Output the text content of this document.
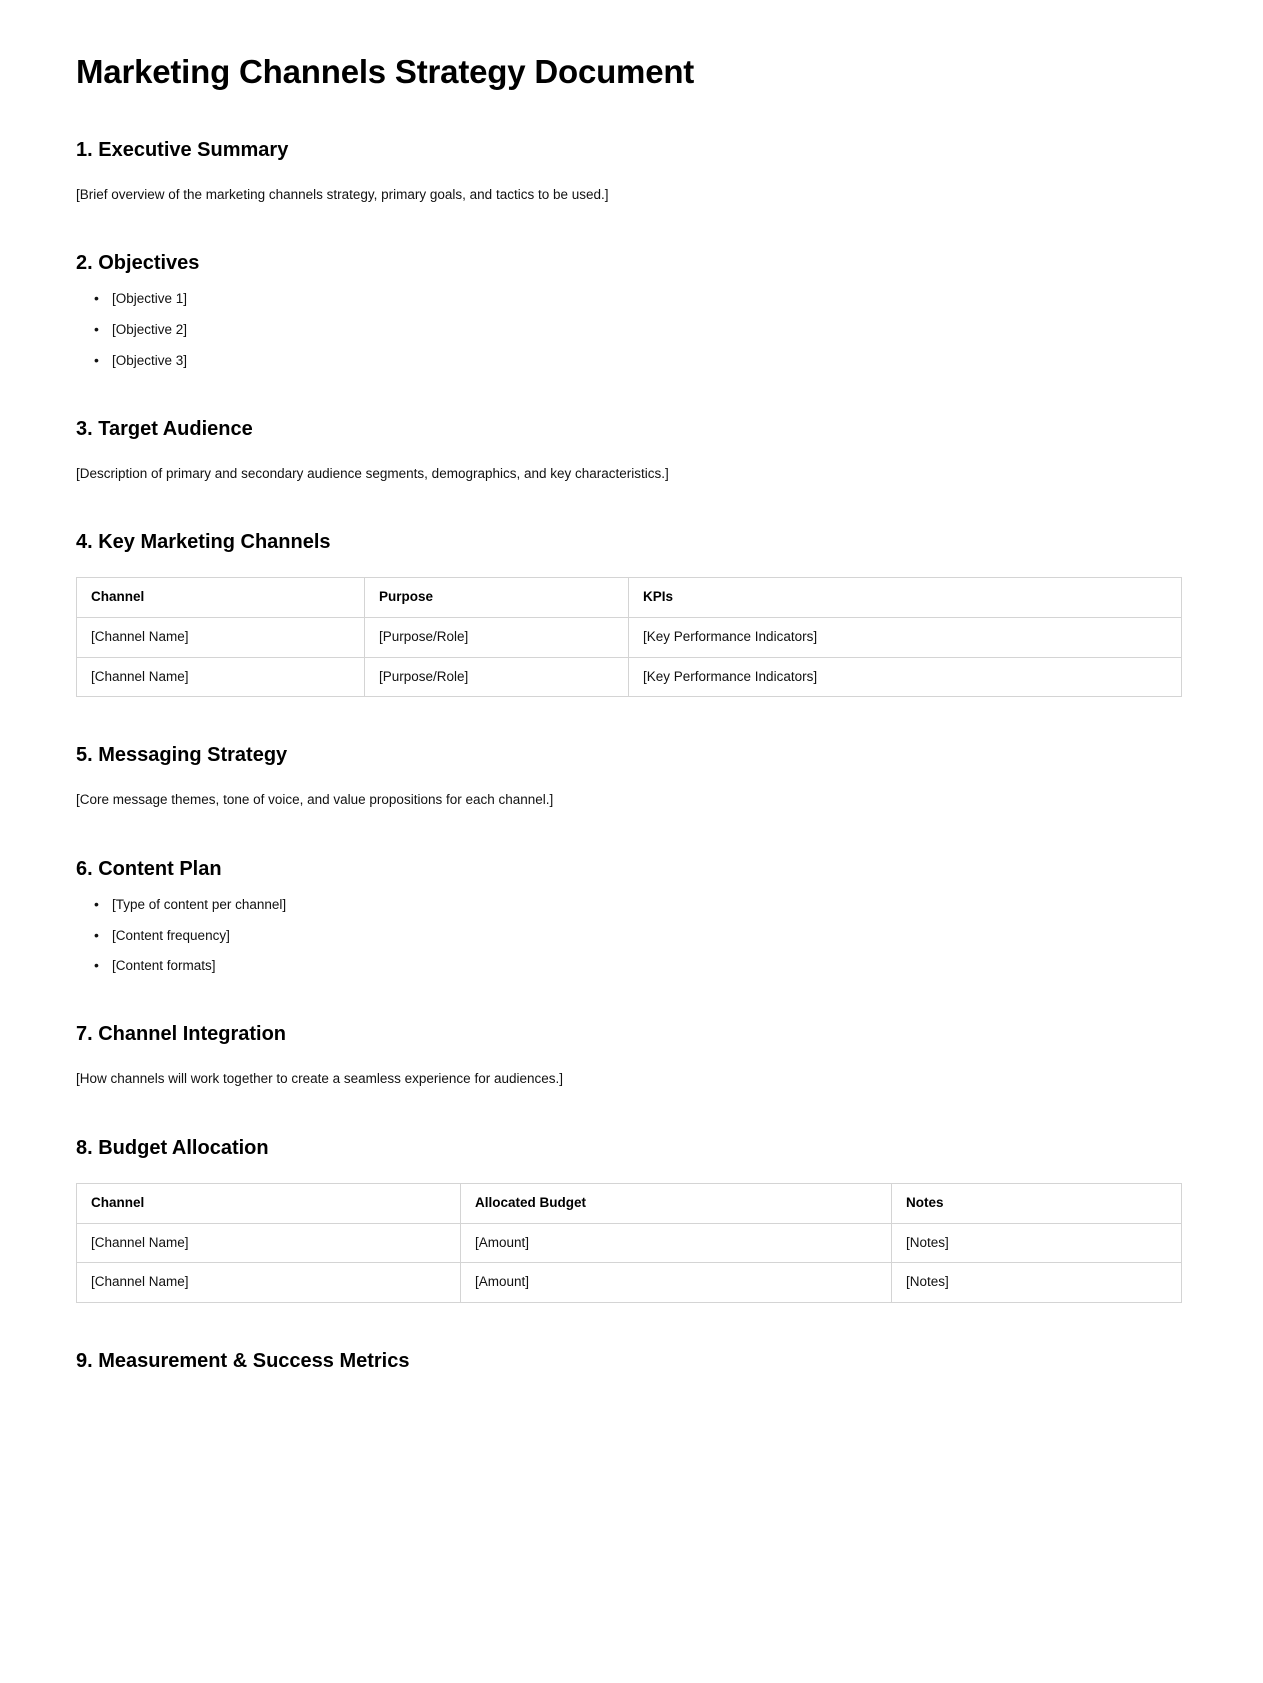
Marketing Channels Strategy Document
1. Executive Summary

[Brief overview of the marketing channels strategy, primary goals, and tactics to be used.]

2. Objectives
• [Objective 1]
• [Objective 2]
• [Objective 3]
3. Target Audience

[Description of primary and secondary audience segments, demographics, and key characteristics.]

4. Key Marketing Channels
Channel	Purpose	KPIs
[Channel Name]	[Purpose/Role]	[Key Performance Indicators]
[Channel Name]	[Purpose/Role]	[Key Performance Indicators]
5. Messaging Strategy

[Core message themes, tone of voice, and value propositions for each channel.]

6. Content Plan
• [Type of content per channel]
• [Content frequency]
• [Content formats]
7. Channel Integration

[How channels will work together to create a seamless experience for audiences.]

8. Budget Allocation
Channel	Allocated Budget	Notes
[Channel Name]	[Amount]	[Notes]
[Channel Name]	[Amount]	[Notes]
9. Measurement & Success Metrics
